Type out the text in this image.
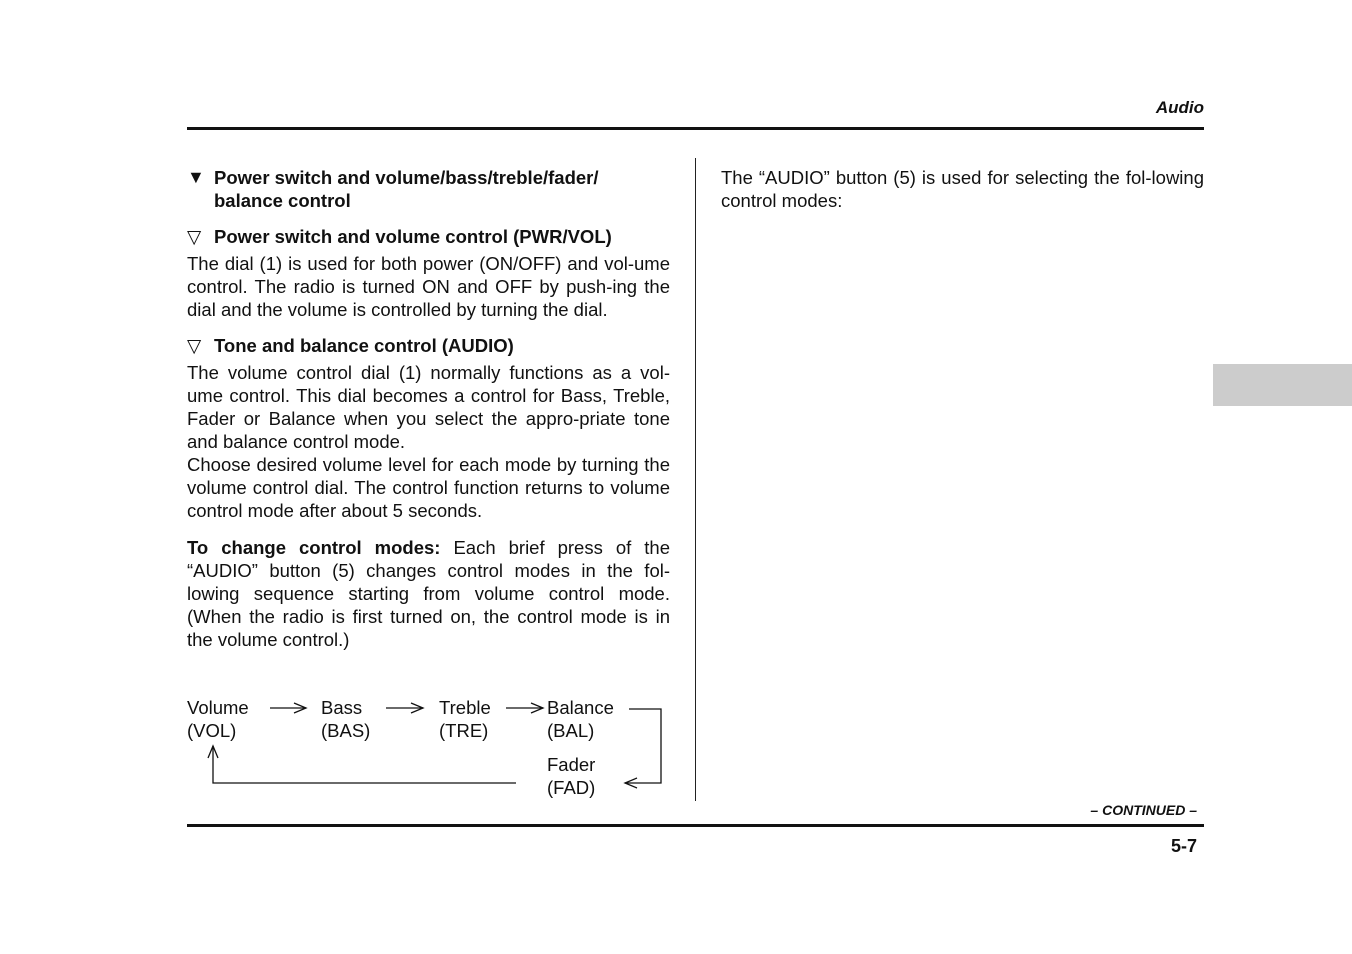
Audio
▼ Power switch and volume/bass/treble/fader/ balance control
▽ Power switch and volume control (PWR/VOL)

The dial (1) is used for both power (ON/OFF) and vol-ume control. The radio is turned ON and OFF by push-ing the dial and the volume is controlled by turning the dial.

▽ Tone and balance control (AUDIO)

The volume control dial (1) normally functions as a vol-ume control. This dial becomes a control for Bass, Treble, Fader or Balance when you select the appro-priate tone and balance control mode.

Choose desired volume level for each mode by turning the volume control dial. The control function returns to volume control mode after about 5 seconds.

To change control modes: Each brief press of the “AUDIO” button (5) changes control modes in the fol-lowing sequence starting from volume control mode. (When the radio is first turned on, the control mode is in the volume control.)

Volume
(VOL)
Bass
(BAS)
Treble
(TRE)
Balance
(BAL)
Fader
(FAD)

The “AUDIO” button (5) is used for selecting the fol-lowing control modes:

– CONTINUED –
5-7
